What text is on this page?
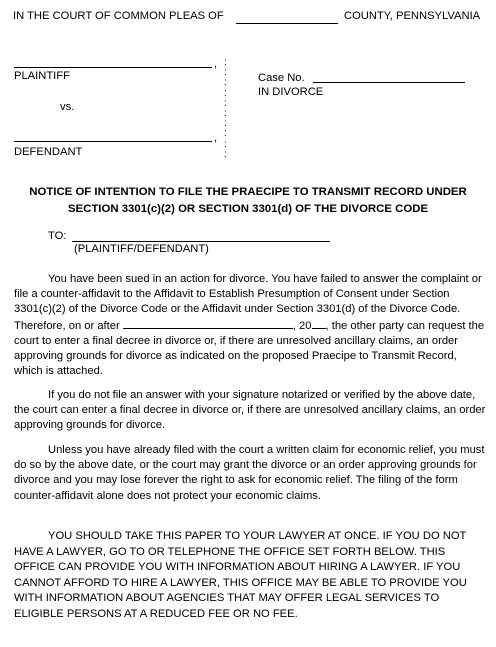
IN THE COURT OF COMMON PLEAS OF	COUNTY, PENNSYLVANIA
,
PLAINTIFF
vs.
,
DEFENDANT
:
:
:
:
:
:
:
:
:
:
Case No.
IN DIVORCE
NOTICE OF INTENTION TO FILE THE PRAECIPE TO TRANSMIT RECORD UNDER
SECTION 3301(c)(2) OR SECTION 3301(d) OF THE DIVORCE CODE
TO:
(PLAINTIFF/DEFENDANT)
You have been sued in an action for divorce. You have failed to answer the complaint or file a counter-affidavit to the Affidavit to Establish Presumption of Consent under Section 3301(c)(2) of the Divorce Code or the Affidavit under Section 3301(d) of the Divorce Code. Therefore, on or after	, 20 , the other party can request the court to enter a final decree in divorce or, if there are unresolved ancillary claims, an order approving grounds for divorce as indicated on the proposed Praecipe to Transmit Record, which is attached.
If you do not file an answer with your signature notarized or verified by the above date, the court can enter a final decree in divorce or, if there are unresolved ancillary claims, an order approving grounds for divorce.
Unless you have already filed with the court a written claim for economic relief, you must do so by the above date, or the court may grant the divorce or an order approving grounds for divorce and you may lose forever the right to ask for economic relief. The filing of the form counter-affidavit alone does not protect your economic claims.
YOU SHOULD TAKE THIS PAPER TO YOUR LAWYER AT ONCE. IF YOU DO NOT HAVE A LAWYER, GO TO OR TELEPHONE THE OFFICE SET FORTH BELOW. THIS OFFICE CAN PROVIDE YOU WITH INFORMATION ABOUT HIRING A LAWYER. IF YOU CANNOT AFFORD TO HIRE A LAWYER, THIS OFFICE MAY BE ABLE TO PROVIDE YOU WITH INFORMATION ABOUT AGENCIES THAT MAY OFFER LEGAL SERVICES TO ELIGIBLE PERSONS AT A REDUCED FEE OR NO FEE.
